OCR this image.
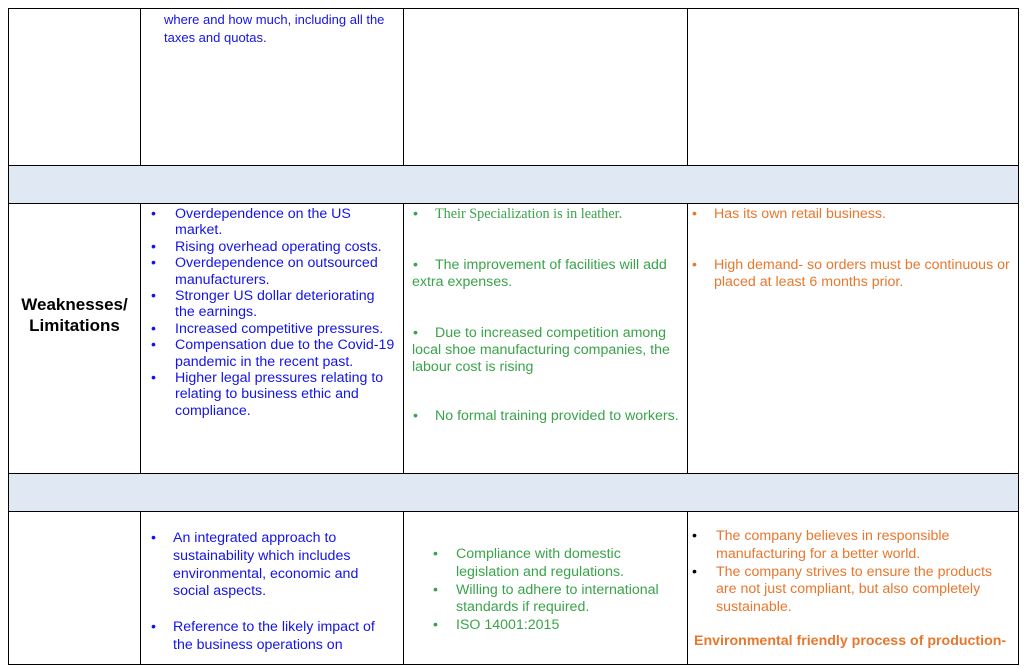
where and how much, including all the taxes and quotas.
Weaknesses/ Limitations
• Overdependence on the US market.
• Rising overhead operating costs.
• Overdependence on outsourced manufacturers.
• Stronger US dollar deteriorating the earnings.
• Increased competitive pressures.
• Compensation due to the Covid-19 pandemic in the recent past.
• Higher legal pressures relating to relating to business ethic and compliance.
• Their Specialization is in leather.
• The improvement of facilities will add extra expenses.
• Due to increased competition among local shoe manufacturing companies, the labour cost is rising
• No formal training provided to workers.
• Has its own retail business.
• High demand- so orders must be continuous or placed at least 6 months prior.
• An integrated approach to sustainability which includes environmental, economic and social aspects.
• Reference to the likely impact of the business operations on
• Compliance with domestic legislation and regulations.
• Willing to adhere to international standards if required.
• ISO 14001:2015
• The company believes in responsible manufacturing for a better world.
• The company strives to ensure the products are not just compliant, but also completely sustainable.
Environmental friendly process of production-
